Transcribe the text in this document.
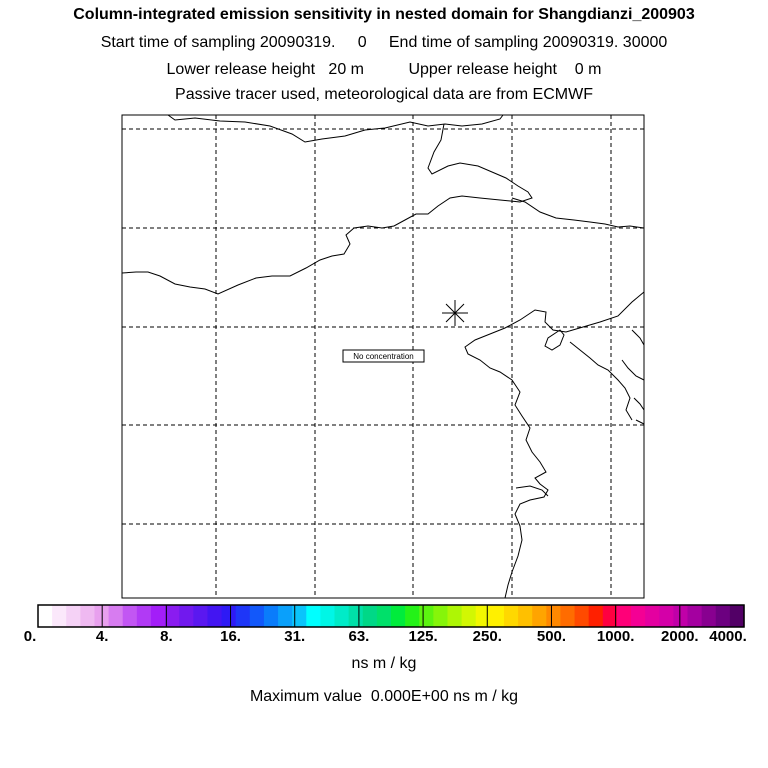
Column-integrated emission sensitivity in nested domain for Shangdianzi_200903
Start time of sampling 20090319. 0 End time of sampling 20090319. 30000
Lower release height 20 m	Upper release height 0 m
Passive tracer used, meteorological data are from ECMWF
No concentration
0.	4.	8.	16.	31.	63.	125. 250. 500. 1000. 2000. 4000.
ns m / kg
Maximum value  0.000E+00 ns m / kg
